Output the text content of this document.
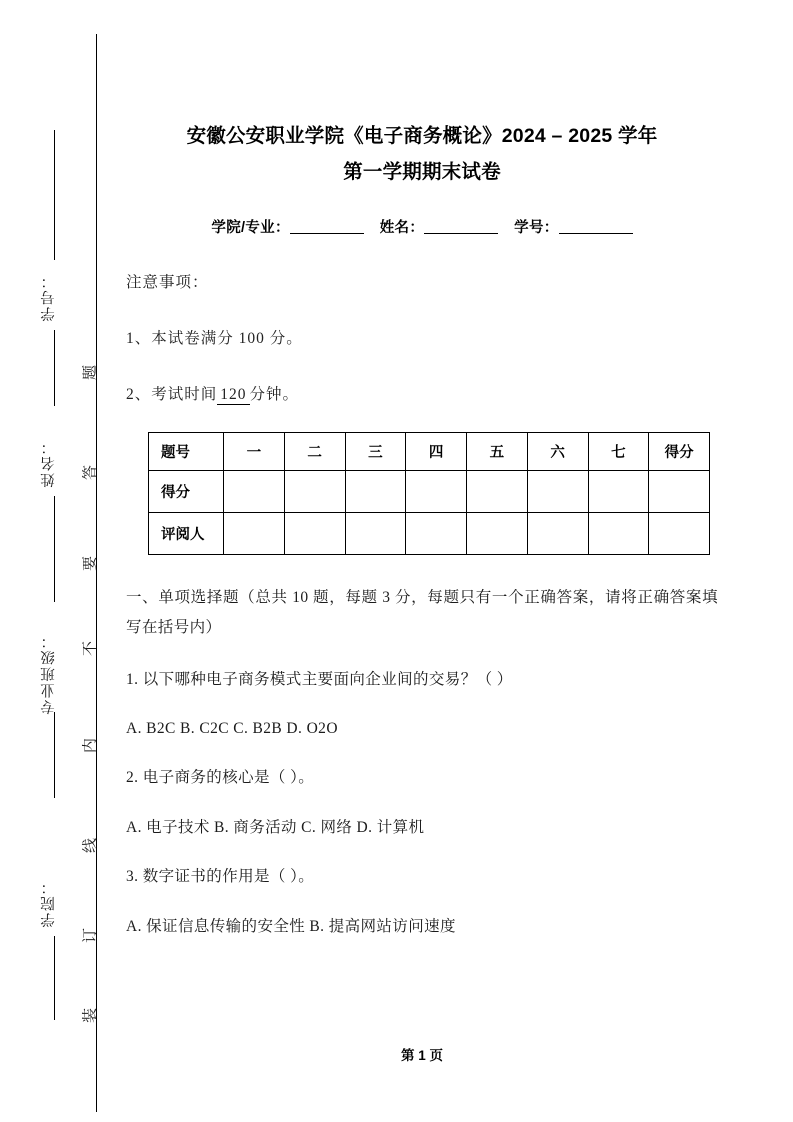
学号：
姓名：
专业班级：
学院：
题
答
要
不
内
线
订
装
安徽公安职业学院《电子商务概论》2024 – 2025 学年
第一学期期末试卷

学院/专业：	姓名：	学号：

注意事项：

1、本试卷满分 100 分。

2、考试时间 120 分钟。

题号	一	二	三	四	五	六	七	得分
得分								
评阅人								

一、单项选择题（总共 10 题，每题 3 分，每题只有一个正确答案，请将正确答案填写在括号内）

1. 以下哪种电子商务模式主要面向企业间的交易？（ ）

A. B2C B. C2C C. B2B D. O2O

2. 电子商务的核心是（ ）。

A. 电子技术 B. 商务活动 C. 网络 D. 计算机

3. 数字证书的作用是（ ）。

A. 保证信息传输的安全性 B. 提高网站访问速度

第 1 页
